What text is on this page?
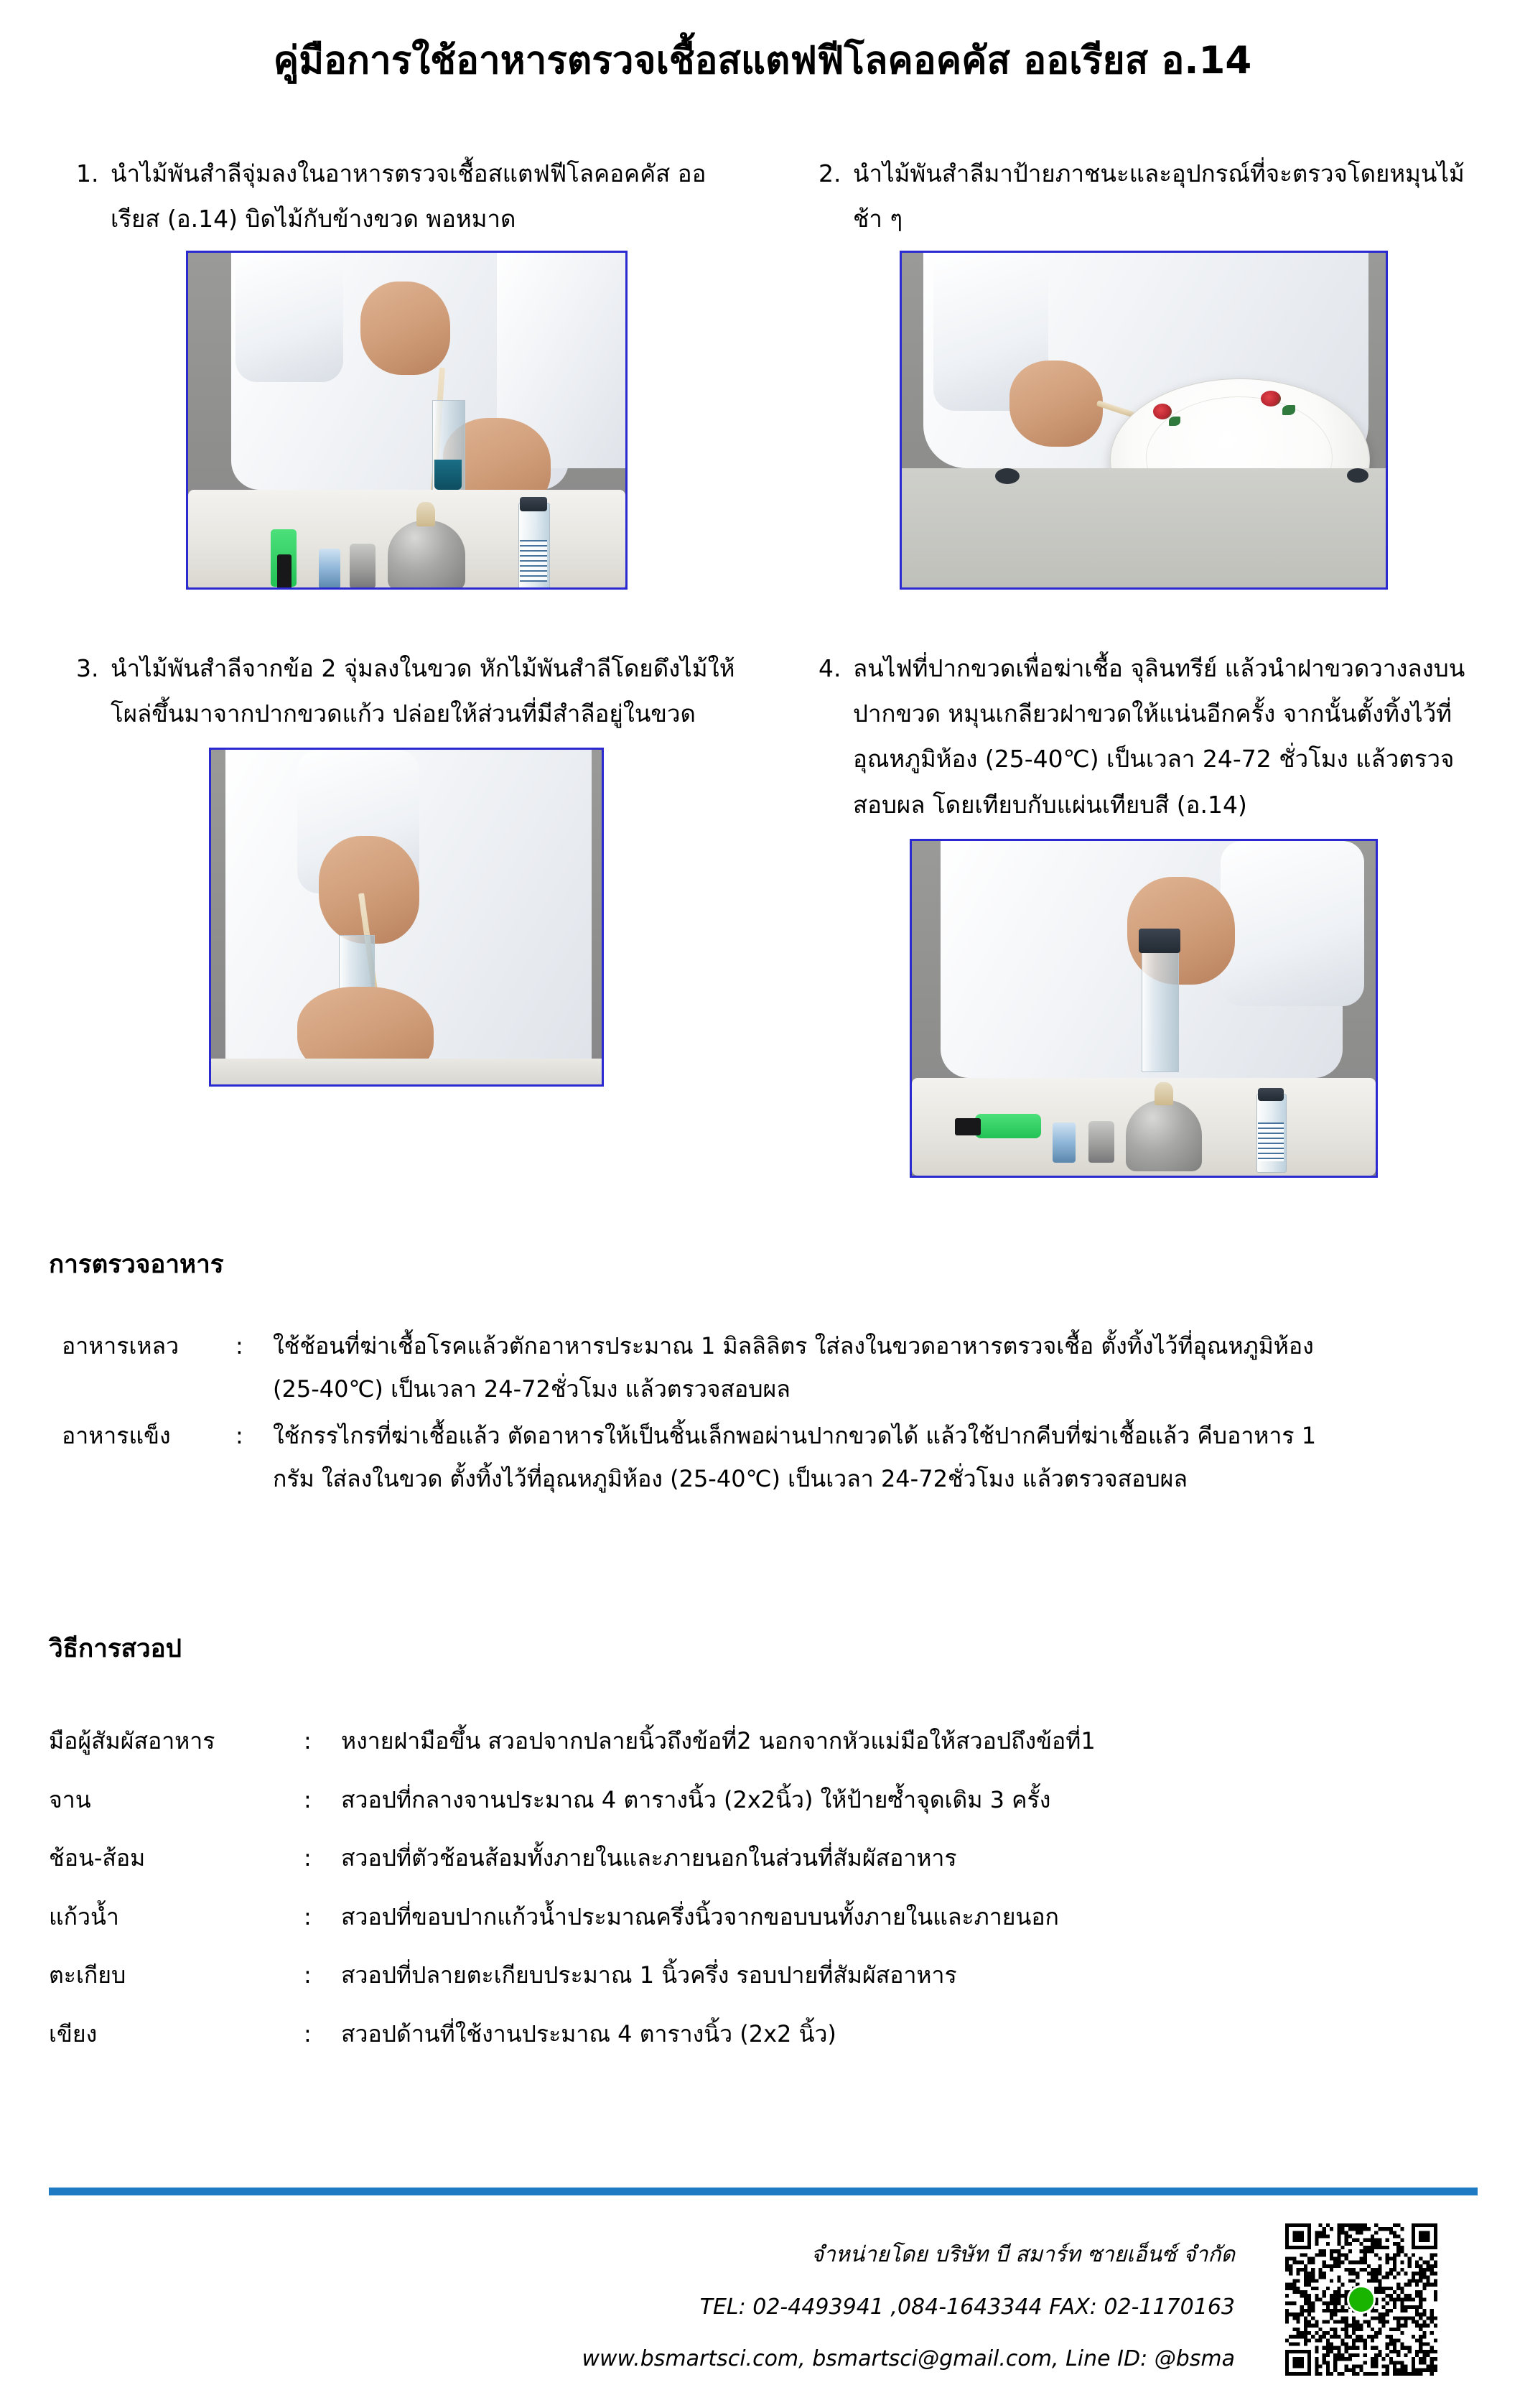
คู่มือการใช้อาหารตรวจเชื้อสแตฟฟีโลคอคคัส ออเรียส อ.14
1. นำไม้พันสำลีจุ่มลงในอาหารตรวจเชื้อสแตฟฟีโลคอคคัส ออเรียส (อ.14) บิดไม้กับข้างขวด พอหมาด
2. นำไม้พันสำลีมาป้ายภาชนะและอุปกรณ์ที่จะตรวจโดยหมุนไม้ช้า ๆ
3. นำไม้พันสำลีจากข้อ 2 จุ่มลงในขวด หักไม้พันสำลีโดยดึงไม้ให้โผล่ขึ้นมาจากปากขวดแก้ว ปล่อยให้ส่วนที่มีสำลีอยู่ในขวด
4. ลนไฟที่ปากขวดเพื่อฆ่าเชื้อ จุลินทรีย์ แล้วนำฝาขวดวางลงบนปากขวด หมุนเกลียวฝาขวดให้แน่นอีกครั้ง จากนั้นตั้งทิ้งไว้ที่อุณหภูมิห้อง (25-40℃) เป็นเวลา 24-72 ชั่วโมง แล้วตรวจสอบผล โดยเทียบกับแผ่นเทียบสี (อ.14)
การตรวจอาหาร
อาหารเหลว	:	ใช้ช้อนที่ฆ่าเชื้อโรคแล้วตักอาหารประมาณ 1 มิลลิลิตร ใส่ลงในขวดอาหารตรวจเชื้อ ตั้งทิ้งไว้ที่อุณหภูมิห้อง
(25-40℃) เป็นเวลา 24-72ชั่วโมง แล้วตรวจสอบผล
อาหารแข็ง	:	ใช้กรรไกรที่ฆ่าเชื้อแล้ว ตัดอาหารให้เป็นชิ้นเล็กพอผ่านปากขวดได้ แล้วใช้ปากคีบที่ฆ่าเชื้อแล้ว คีบอาหาร 1
กรัม ใส่ลงในขวด ตั้งทิ้งไว้ที่อุณหภูมิห้อง (25-40℃) เป็นเวลา 24-72ชั่วโมง แล้วตรวจสอบผล
วิธีการสวอป
มือผู้สัมผัสอาหาร	:	หงายฝามือขึ้น สวอปจากปลายนิ้วถึงข้อที่2 นอกจากหัวแม่มือให้สวอปถึงข้อที่1
จาน	:	สวอปที่กลางจานประมาณ 4 ตารางนิ้ว (2x2นิ้ว) ให้ป้ายซ้ำจุดเดิม 3 ครั้ง
ช้อน-ส้อม	:	สวอปที่ตัวช้อนส้อมทั้งภายในและภายนอกในส่วนที่สัมผัสอาหาร
แก้วน้ำ	:	สวอปที่ขอบปากแก้วน้ำประมาณครึ่งนิ้วจากขอบบนทั้งภายในและภายนอก
ตะเกียบ	:	สวอปที่ปลายตะเกียบประมาณ 1 นิ้วครึ่ง รอบปายที่สัมผัสอาหาร
เขียง	:	สวอปด้านที่ใช้งานประมาณ 4 ตารางนิ้ว (2x2 นิ้ว)
จำหน่ายโดย บริษัท บี สมาร์ท ซายเอ็นซ์ จำกัด
TEL: 02-4493941 ,084-1643344 FAX: 02-1170163
www.bsmartsci.com, bsmartsci@gmail.com, Line ID: @bsma
